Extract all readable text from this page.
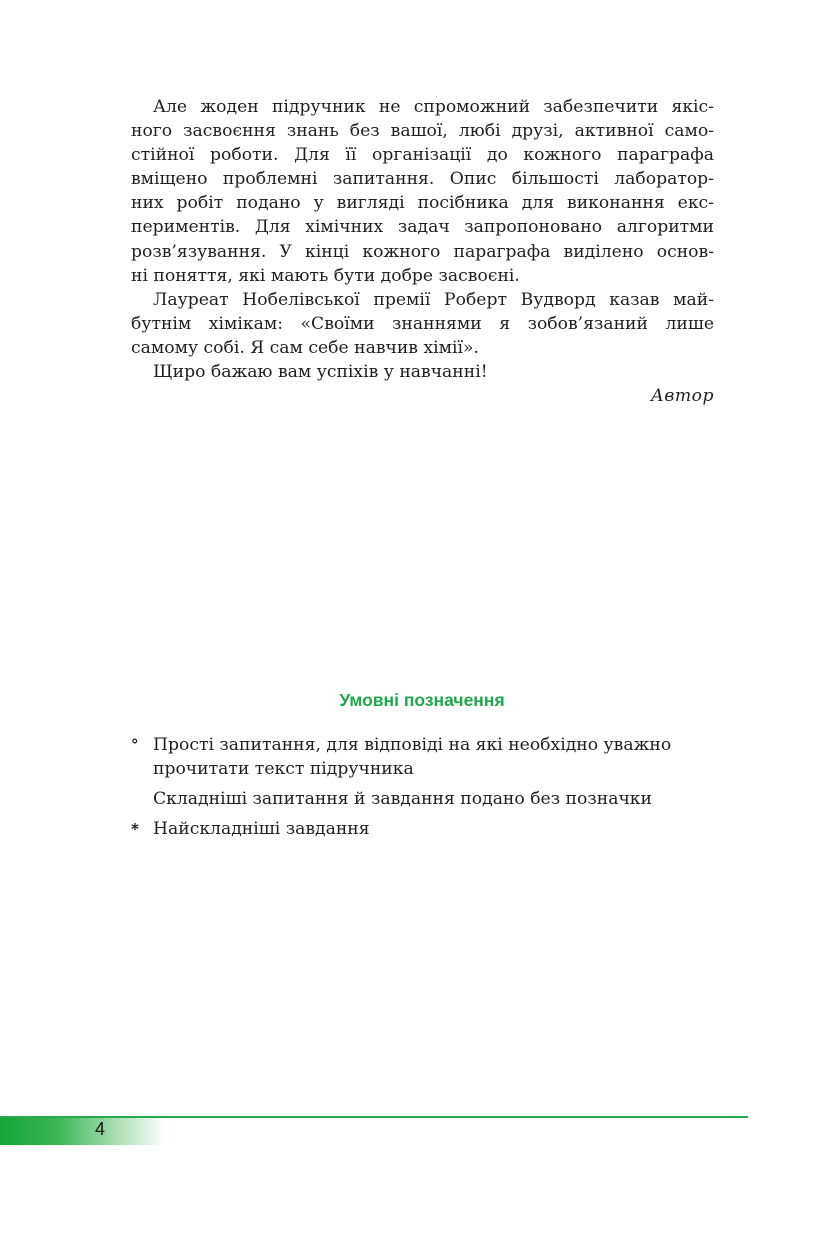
Але жоден підручник не спроможний забезпечити якіс-
ного засвоєння знань без вашої, любі друзі, активної само-
стійної роботи. Для її організації до кожного параграфа
вміщено проблемні запитання. Опис більшості лаборатор-
них робіт подано у вигляді посібника для виконання екс-
периментів. Для хімічних задач запропоновано алгоритми
розв’язування. У кінці кожного параграфа виділено основ-
ні поняття, які мають бути добре засвоєні.

Лауреат Нобелівської премії Роберт Вудворд казав май-
бутнім хімікам: «Своїми знаннями я зобов’язаний лише
самому собі. Я сам себе навчив хімії».

Щиро бажаю вам успіхів у навчанні!

Автор

Умовні позначення
° Прості запитання, для відповіді на які необхідно уважно
прочитати текст підручника
Складніші запитання й завдання подано без позначки
* Найскладніші завдання
4
